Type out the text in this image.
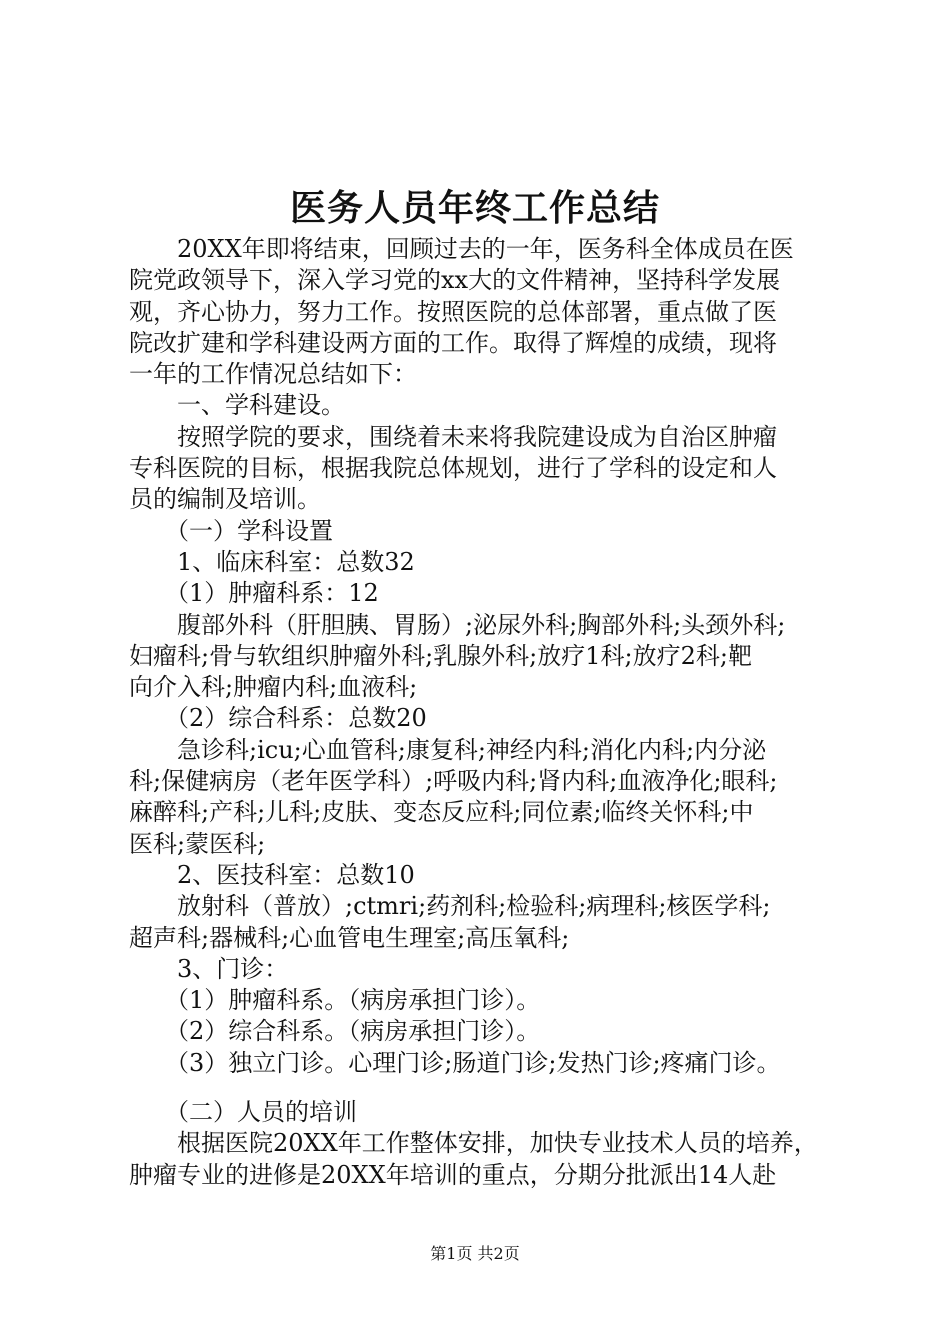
医务人员年终工作总结
　　20XX年即将结束，回顾过去的一年，医务科全体成员在医
院党政领导下，深入学习党的xx大的文件精神，坚持科学发展
观，齐心协力，努力工作。按照医院的总体部署，重点做了医
院改扩建和学科建设两方面的工作。取得了辉煌的成绩，现将
一年的工作情况总结如下：
　　一、学科建设。
　　按照学院的要求，围绕着未来将我院建设成为自治区肿瘤
专科医院的目标，根据我院总体规划，进行了学科的设定和人
员的编制及培训。
　　（一）学科设置
　　1、临床科室：总数32
　　（1）肿瘤科系：12
　　腹部外科（肝胆胰、胃肠）;泌尿外科;胸部外科;头颈外科;
妇瘤科;骨与软组织肿瘤外科;乳腺外科;放疗1科;放疗2科;靶
向介入科;肿瘤内科;血液科;
　　（2）综合科系：总数20
　　急诊科;icu;心血管科;康复科;神经内科;消化内科;内分泌
科;保健病房（老年医学科）;呼吸内科;肾内科;血液净化;眼科;
麻醉科;产科;儿科;皮肤、变态反应科;同位素;临终关怀科;中
医科;蒙医科;
　　2、医技科室：总数10
　　放射科（普放）;ctmri;药剂科;检验科;病理科;核医学科;
超声科;器械科;心血管电生理室;高压氧科;
　　3、门诊：
　　（1）肿瘤科系。（病房承担门诊）。
　　（2）综合科系。（病房承担门诊）。
　　（3）独立门诊。心理门诊;肠道门诊;发热门诊;疼痛门诊。
　　（二）人员的培训
　　根据医院20XX年工作整体安排，加快专业技术人员的培养，
肿瘤专业的进修是20XX年培训的重点，分期分批派出14人赴
第1页 共2页
